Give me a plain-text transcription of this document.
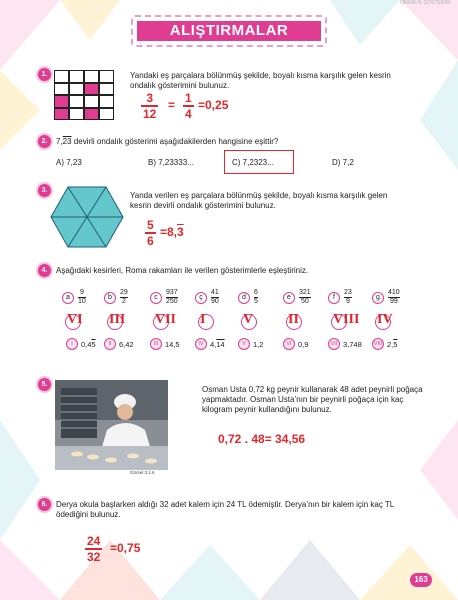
ONDALIK GÖSTERİM
ALIŞTIRMALAR
1.	Yandaki eş parçalara bölünmüş şekilde, boyalı kısma karşılık gelen kesrin
ondalık gösterimini bulunuz.
3
12
= 1
4
=0,25
2.	7,23 devirli ondalık gösterimi aşağıdakilerden hangisine eşittir?
A) 7,23	B) 7,23333...	C) 7,2323...	D) 7,2
3.
Yanda verilen eş parçalara bölünmüş şekilde, boyalı kısma karşılık gelen
kesrin devirli ondalık gösterimini bulunuz.
5
6
=8,3
4.	Aşağıdaki kesirleri, Roma rakamları ile verilen gösterimlerle eşleştiriniz.
a
9
10
VI
b
29
2
III
c
937
250
VII
ç
41
90
I
d
6
5
V
e
321
50
II
f
23
9
VIII
g
410
99
IV
I	0,45	II 6,42	III 14,5	IV 4,14	V 1,2	VI 0,9	VII 3,748	VIII 2,5
5.
Görsel 3.1.6
Osman Usta 0,72 kg peynir kullanarak 48 adet peynirli poğaça
yapmaktadır. Osman Usta’nın bir peynirli poğaça için kaç
kilogram peynir kullandığını bulunuz.
0,72 . 48= 34,56
6.	Derya okula başlarken aldığı 32 adet kalem için 24 TL ödemiştir. Derya’nın bir kalem için kaç TL
ödediğini bulunuz.
24
32
=0,75
163
